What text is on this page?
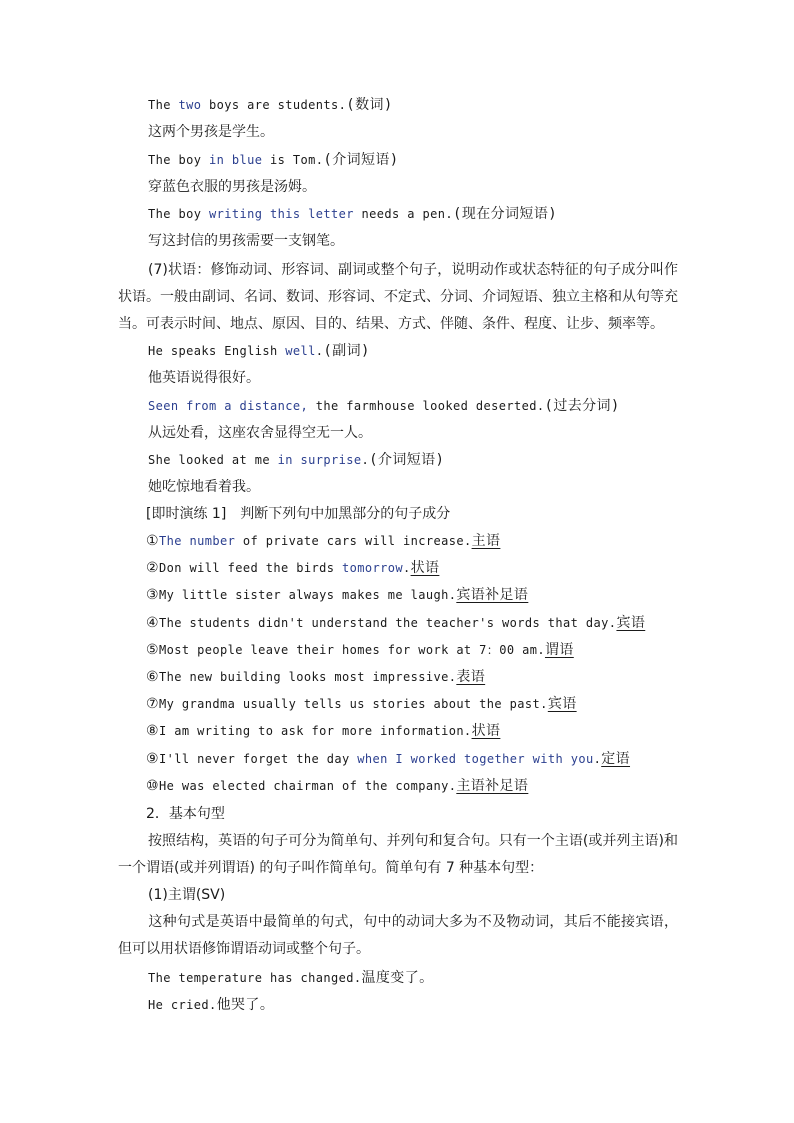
The two boys are students.(数词)
这两个男孩是学生。
The boy in blue is Tom.(介词短语)
穿蓝色衣服的男孩是汤姆。
The boy writing this letter needs a pen.(现在分词短语)
写这封信的男孩需要一支钢笔。
(7)状语：修饰动词、形容词、副词或整个句子，说明动作或状态特征的句子成分叫作状语。一般由副词、名词、数词、形容词、不定式、分词、介词短语、独立主格和从句等充当。可表示时间、地点、原因、目的、结果、方式、伴随、条件、程度、让步、频率等。
He speaks English well.(副词)
他英语说得很好。
Seen from a distance, the farmhouse looked deserted.(过去分词)
从远处看，这座农舍显得空无一人。
She looked at me in surprise.(介词短语)
她吃惊地看着我。
[即时演练 1]　判断下列句中加黑部分的句子成分
①The number of private cars will increase.主语
②Don will feed the birds tomorrow.状语
③My little sister always makes me laugh.宾语补足语
④The students didn't understand the teacher's words that day.宾语
⑤Most people leave their homes for work at 7：00 am.谓语
⑥The new building looks most impressive.表语
⑦My grandma usually tells us stories about the past.宾语
⑧I am writing to ask for more information.状语
⑨I'll never forget the day when I worked together with you.定语
⑩He was elected chairman of the company.主语补足语
2．基本句型
按照结构，英语的句子可分为简单句、并列句和复合句。只有一个主语(或并列主语)和一个谓语(或并列谓语) 的句子叫作简单句。简单句有 7 种基本句型：
(1)主谓(SV)
这种句式是英语中最简单的句式，句中的动词大多为不及物动词，其后不能接宾语，但可以用状语修饰谓语动词或整个句子。
The temperature has changed.温度变了。
He cried.他哭了。
